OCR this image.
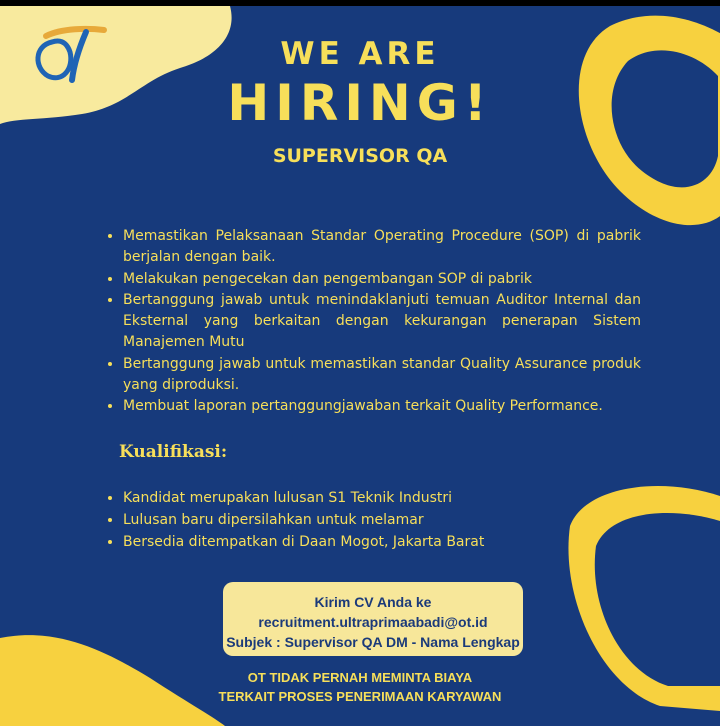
WE ARE
HIRING!
SUPERVISOR QA
• Memastikan Pelaksanaan Standar Operating Procedure (SOP) di pabrik berjalan dengan baik.
• Melakukan pengecekan dan pengembangan SOP di pabrik
• Bertanggung jawab untuk menindaklanjuti temuan Auditor Internal dan Eksternal yang berkaitan dengan kekurangan penerapan Sistem Manajemen Mutu
• Bertanggung jawab untuk memastikan standar Quality Assurance produk yang diproduksi.
• Membuat laporan pertanggungjawaban terkait Quality Performance.
Kualifikasi:
• Kandidat merupakan lulusan S1 Teknik Industri
• Lulusan baru dipersilahkan untuk melamar
• Bersedia ditempatkan di Daan Mogot, Jakarta Barat
Kirim CV Anda ke
recruitment.ultraprimaabadi@ot.id
Subjek : Supervisor QA DM - Nama Lengkap
OT TIDAK PERNAH MEMINTA BIAYA
TERKAIT PROSES PENERIMAAN KARYAWAN
